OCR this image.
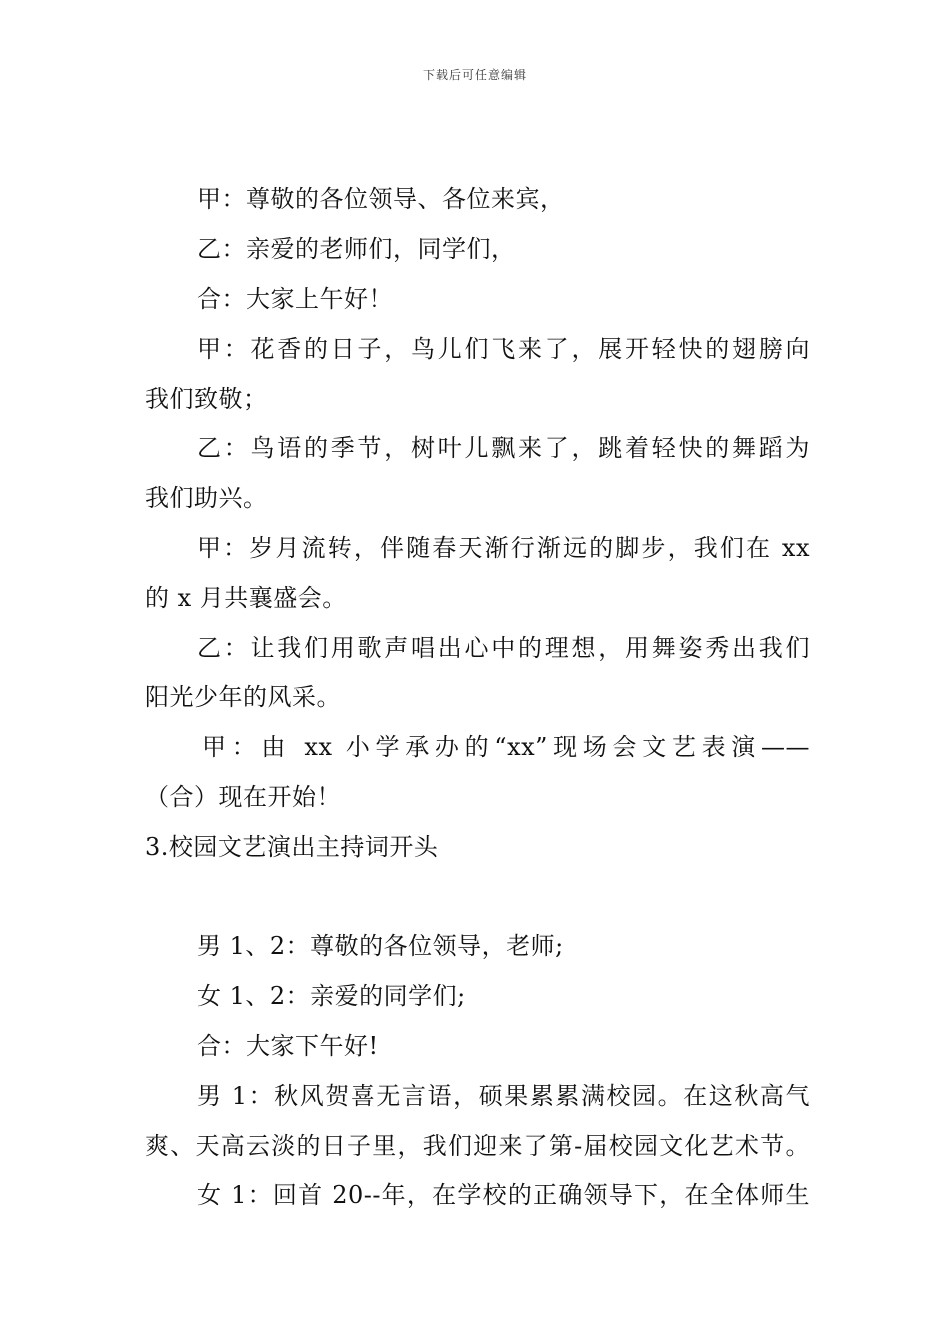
下载后可任意编辑
甲：尊敬的各位领导、各位来宾，
乙：亲爱的老师们，同学们，
合：大家上午好！
甲：花香的日子，鸟儿们飞来了，展开轻快的翅膀向
我们致敬；
乙：鸟语的季节，树叶儿飘来了，跳着轻快的舞蹈为
我们助兴。
甲：岁月流转，伴随春天渐行渐远的脚步，我们在 xx
的 x 月共襄盛会。
乙：让我们用歌声唱出心中的理想，用舞姿秀出我们
阳光少年的风采。
甲：由 xx 小学承办的“xx”现场会文艺表演——
（合）现在开始！
3.校园文艺演出主持词开头
男 1、2：尊敬的各位领导，老师;
女 1、2：亲爱的同学们;
合：大家下午好!
男 1：秋风贺喜无言语，硕果累累满校园。在这秋高气
爽、天高云淡的日子里，我们迎来了第-届校园文化艺术节。
女 1：回首 20--年，在学校的正确领导下，在全体师生
